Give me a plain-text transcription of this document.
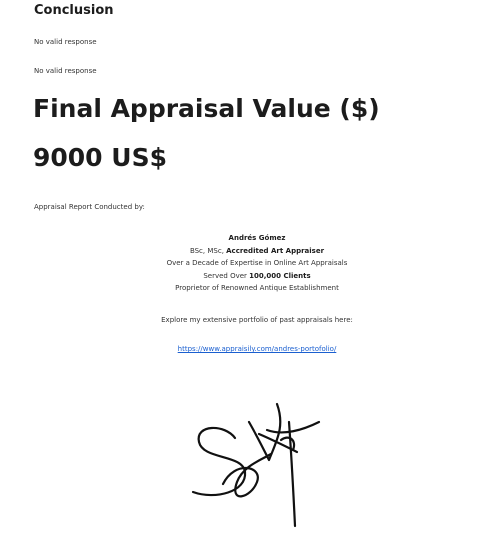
Conclusion

No valid response

No valid response

Final Appraisal Value ($)
9000 US$

Appraisal Report Conducted by:

Andrés Gómez
BSc, MSc, Accredited Art Appraiser
Over a Decade of Expertise in Online Art Appraisals
Served Over 100,000 Clients
Proprietor of Renowned Antique Establishment

Explore my extensive portfolio of past appraisals here:

https://www.appraisily.com/andres-portofolio/
